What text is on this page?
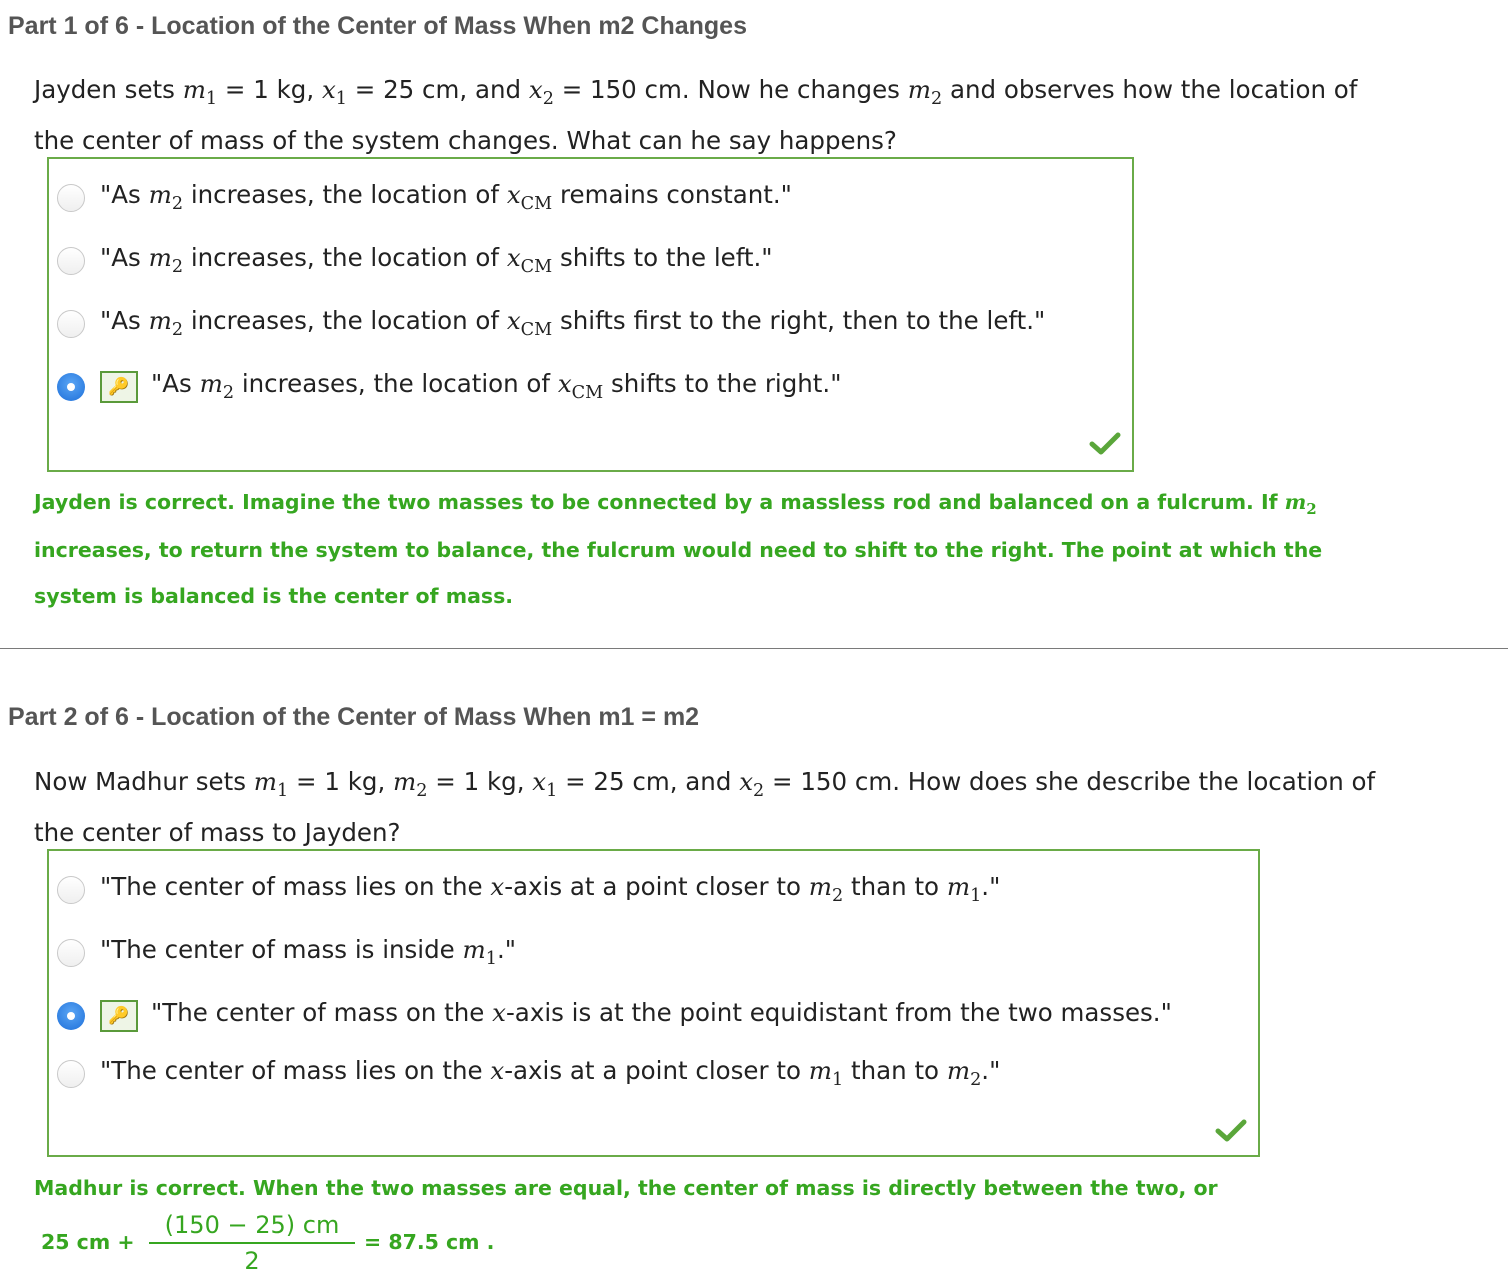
Part 1 of 6 - Location of the Center of Mass When m2 Changes
Jayden sets $m_1 = 1$ kg, $x_1 = 25$ cm, and $x_2 = 150$ cm. Now he changes $m_2$ and observes how the location of
the center of mass of the system changes. What can he say happens?
"As $m_2$ increases, the location of $x_{CM}$ remains constant."
"As $m_2$ increases, the location of $x_{CM}$ shifts to the left."
"As $m_2$ increases, the location of $x_{CM}$ shifts first to the right, then to the left."
🔑 "As $m_2$ increases, the location of $x_{CM}$ shifts to the right."
Jayden is correct. Imagine the two masses to be connected by a massless rod and balanced on a fulcrum. If $m_2$
increases, to return the system to balance, the fulcrum would need to shift to the right. The point at which the
system is balanced is the center of mass.
Part 2 of 6 - Location of the Center of Mass When m1 = m2
Now Madhur sets $m_1 = 1$ kg, $m_2 = 1$ kg, $x_1 = 25$ cm, and $x_2 = 150$ cm. How does she describe the location of
the center of mass to Jayden?
"The center of mass lies on the x-axis at a point closer to $m_2$ than to $m_1$."
"The center of mass is inside $m_1$."
🔑 "The center of mass on the x-axis is at the point equidistant from the two masses."
"The center of mass lies on the x-axis at a point closer to $m_1$ than to $m_2$."
Madhur is correct. When the two masses are equal, the center of mass is directly between the two, or
25 cm +
(150 − 25) cm
2
= 87.5 cm .
